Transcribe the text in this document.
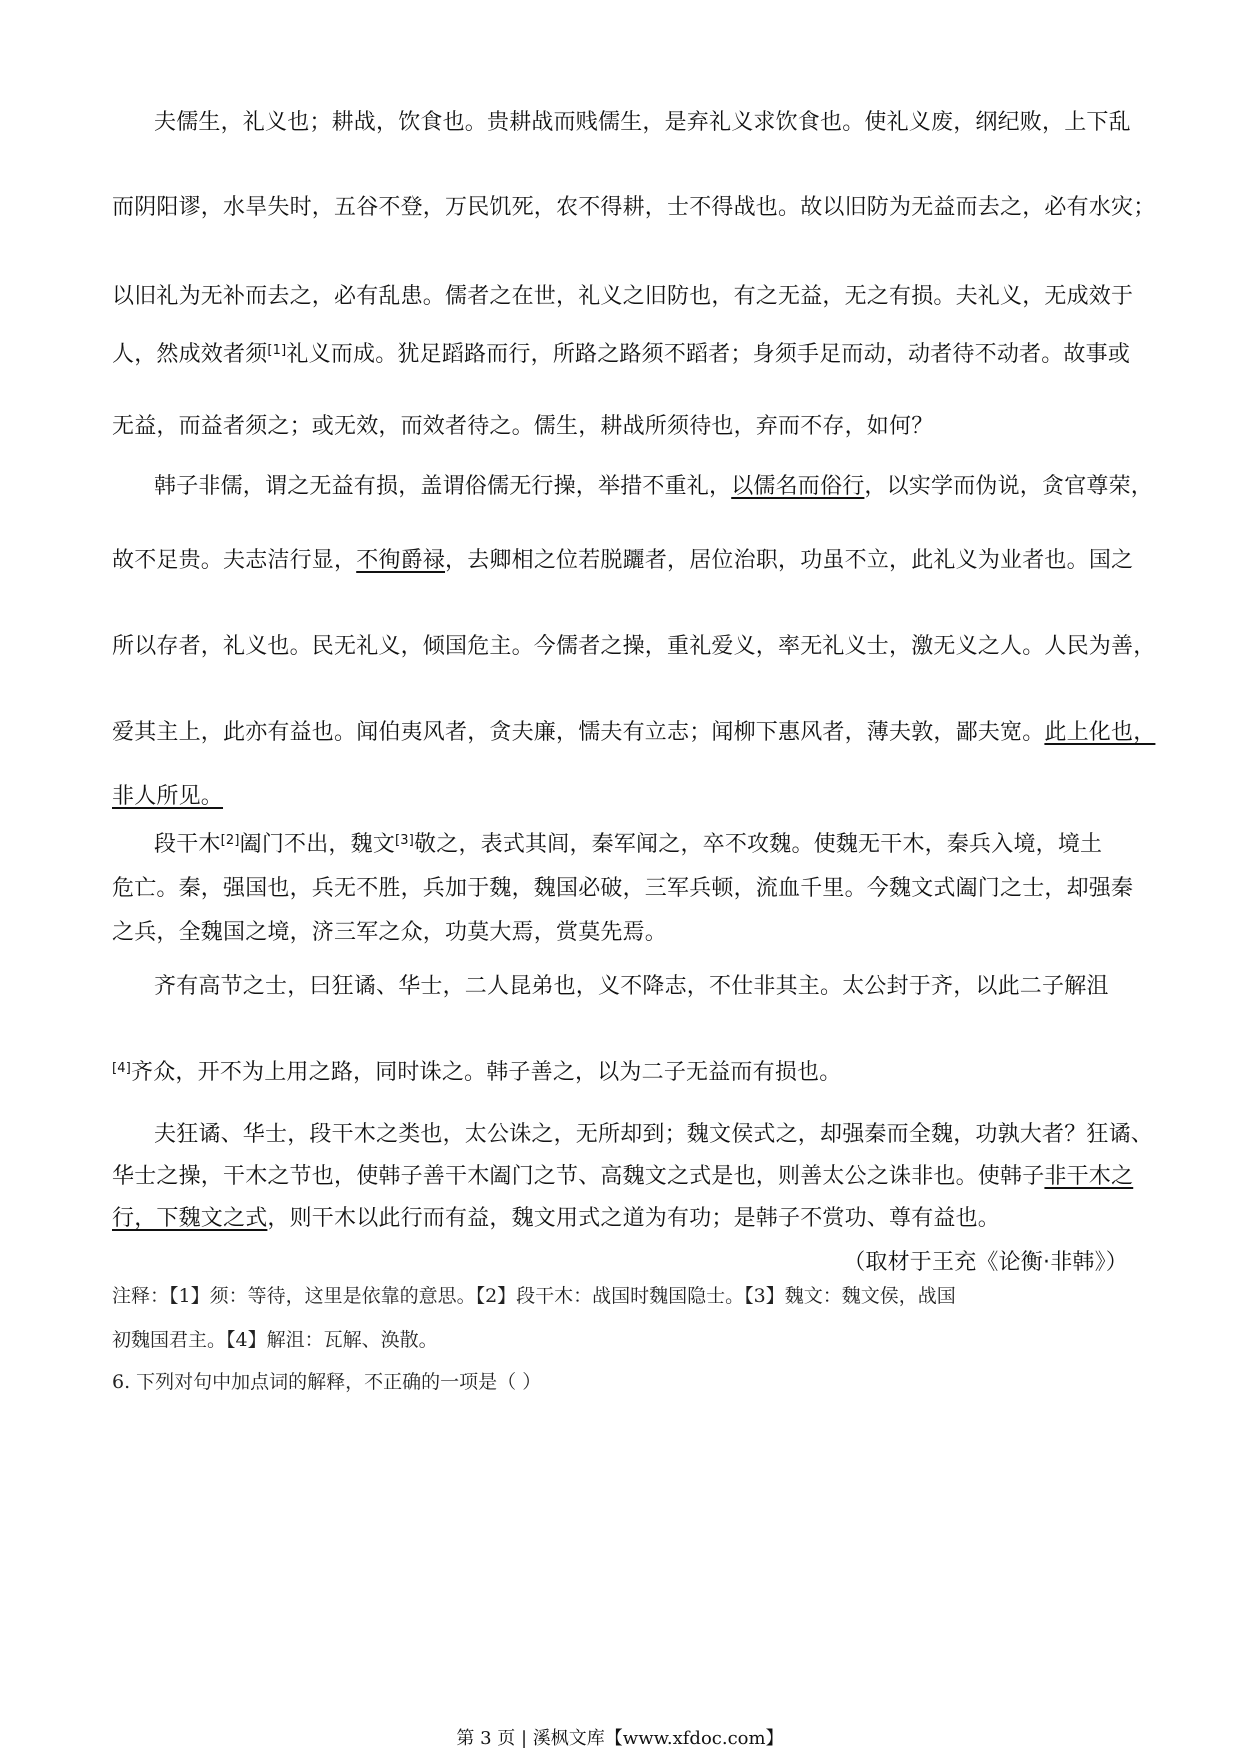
夫儒生，礼义也；耕战，饮食也。贵耕战而贱儒生，是弃礼义求饮食也。使礼义废，纲纪败，上下乱
而阴阳谬，水旱失时，五谷不登，万民饥死，农不得耕，士不得战也。故以旧防为无益而去之，必有水灾；
以旧礼为无补而去之，必有乱患。儒者之在世，礼义之旧防也，有之无益，无之有损。夫礼义，无成效于
人，然成效者须[1]礼义而成。犹足蹈路而行，所路之路须不蹈者；身须手足而动，动者待不动者。故事或
无益，而益者须之；或无效，而效者待之。儒生，耕战所须待也，弃而不存，如何？
韩子非儒，谓之无益有损，盖谓俗儒无行操，举措不重礼，以儒名而俗行，以实学而伪说，贪官尊荣，
故不足贵。夫志洁行显，不徇爵禄，去卿相之位若脱躧者，居位治职，功虽不立，此礼义为业者也。国之
所以存者，礼义也。民无礼义，倾国危主。今儒者之操，重礼爱义，率无礼义士，激无义之人。人民为善，
爱其主上，此亦有益也。闻伯夷风者，贪夫廉，懦夫有立志；闻柳下惠风者，薄夫敦，鄙夫宽。此上化也，
非人所见。
段干木[2]阖门不出，魏文[3]敬之，表式其闾，秦军闻之，卒不攻魏。使魏无干木，秦兵入境，境土
危亡。秦，强国也，兵无不胜，兵加于魏，魏国必破，三军兵顿，流血千里。今魏文式阖门之士，却强秦
之兵，全魏国之境，济三军之众，功莫大焉，赏莫先焉。
齐有高节之士，曰狂谲、华士，二人昆弟也，义不降志，不仕非其主。太公封于齐，以此二子解沮
[4]齐众，开不为上用之路，同时诛之。韩子善之，以为二子无益而有损也。
夫狂谲、华士，段干木之类也，太公诛之，无所却到；魏文侯式之，却强秦而全魏，功孰大者？狂谲、
华士之操，干木之节也，使韩子善干木阖门之节、高魏文之式是也，则善太公之诛非也。使韩子非干木之
行，下魏文之式，则干木以此行而有益，魏文用式之道为有功；是韩子不赏功、尊有益也。
（取材于王充《论衡·非韩》）
注释：【1】须：等待，这里是依靠的意思。【2】段干木：战国时魏国隐士。【3】魏文：魏文侯，战国
初魏国君主。【4】解沮：瓦解、涣散。
6. 下列对句中加点词的解释，不正确的一项是（ ）
第 3 页 | 溪枫文库【www.xfdoc.com】
